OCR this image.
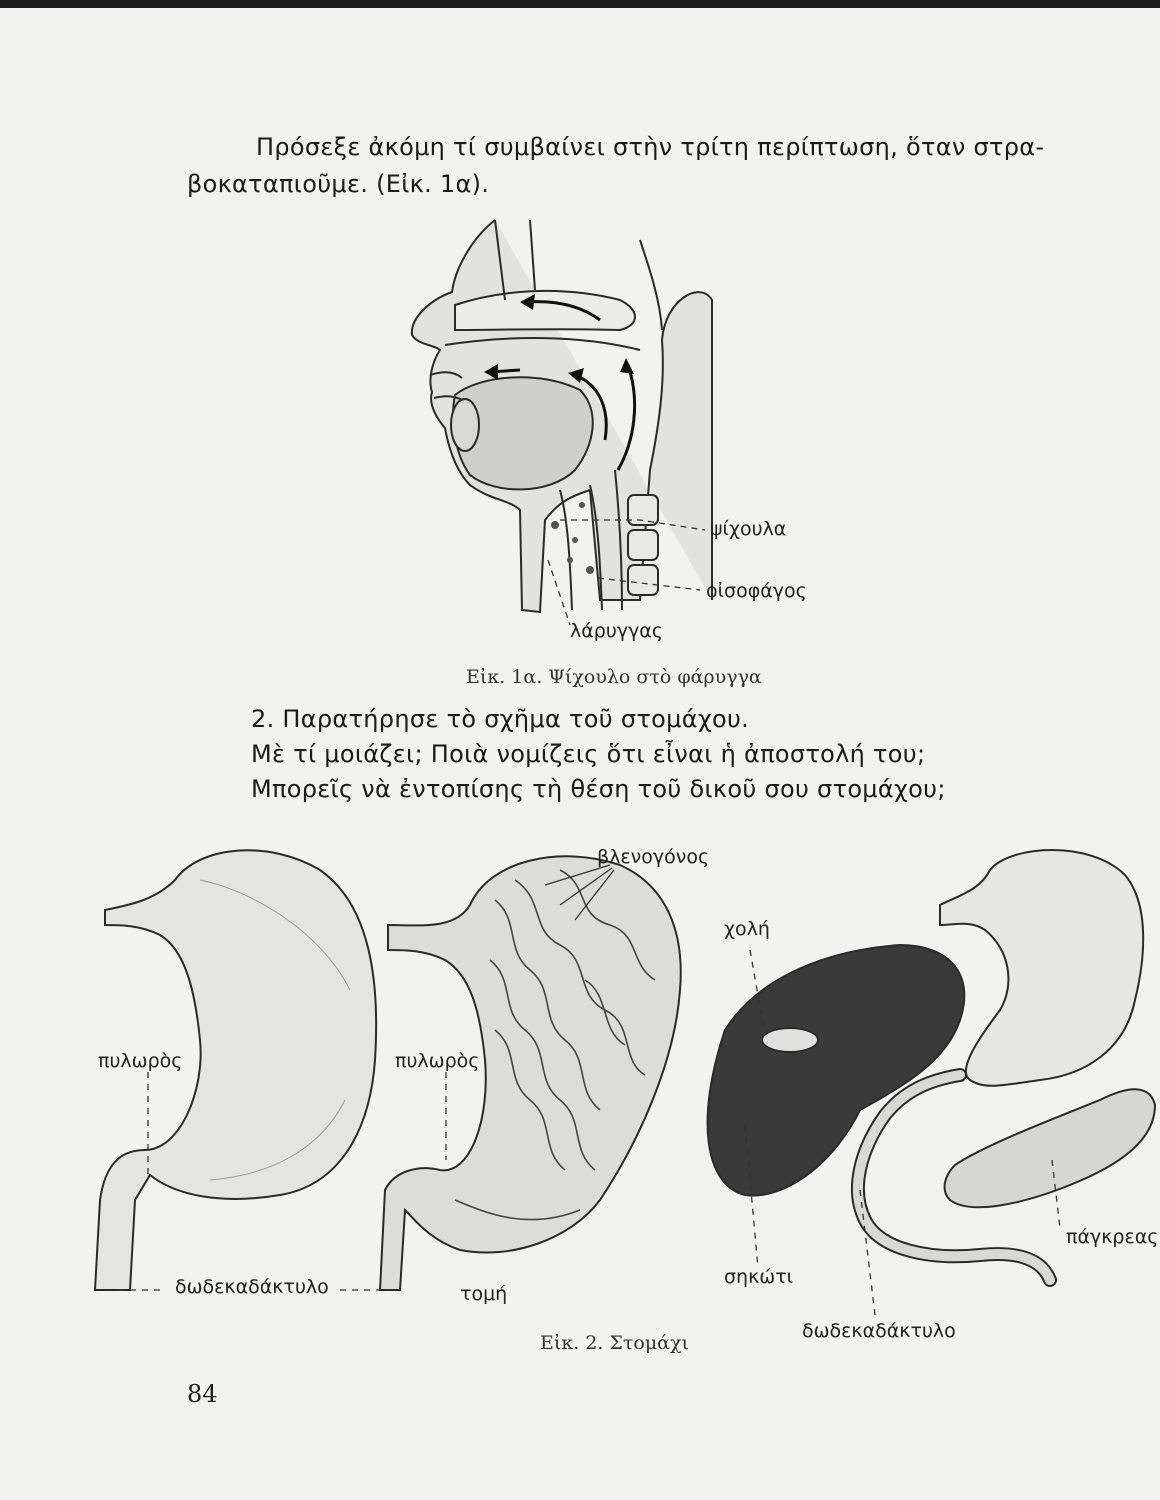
Πρόσεξε ἀκόμη τί συμβαίνει στὴν τρίτη περίπτωση, ὅταν στρα-
βοκαταπιοῦμε. (Εἰκ. 1α).
ψίχουλα
οἰσοφάγος
λάρυγγας
Εἰκ. 1α. Ψίχουλο στὸ φάρυγγα
2. Παρατήρησε τὸ σχῆμα τοῦ στομάχου.
Μὲ τί μοιάζει; Ποιὰ νομίζεις ὅτι εἶναι ἡ ἀποστολή του;
Μπορεῖς νὰ ἐντοπίσης τὴ θέση τοῦ δικοῦ σου στομάχου;
πυλωρὸς	πυλωρὸς
δωδεκαδάκτυλο
βλενογόνος
τομή
χολή
σηκώτι
πάγκρεας
δωδεκαδάκτυλο
Εἰκ. 2. Στομάχι
84
